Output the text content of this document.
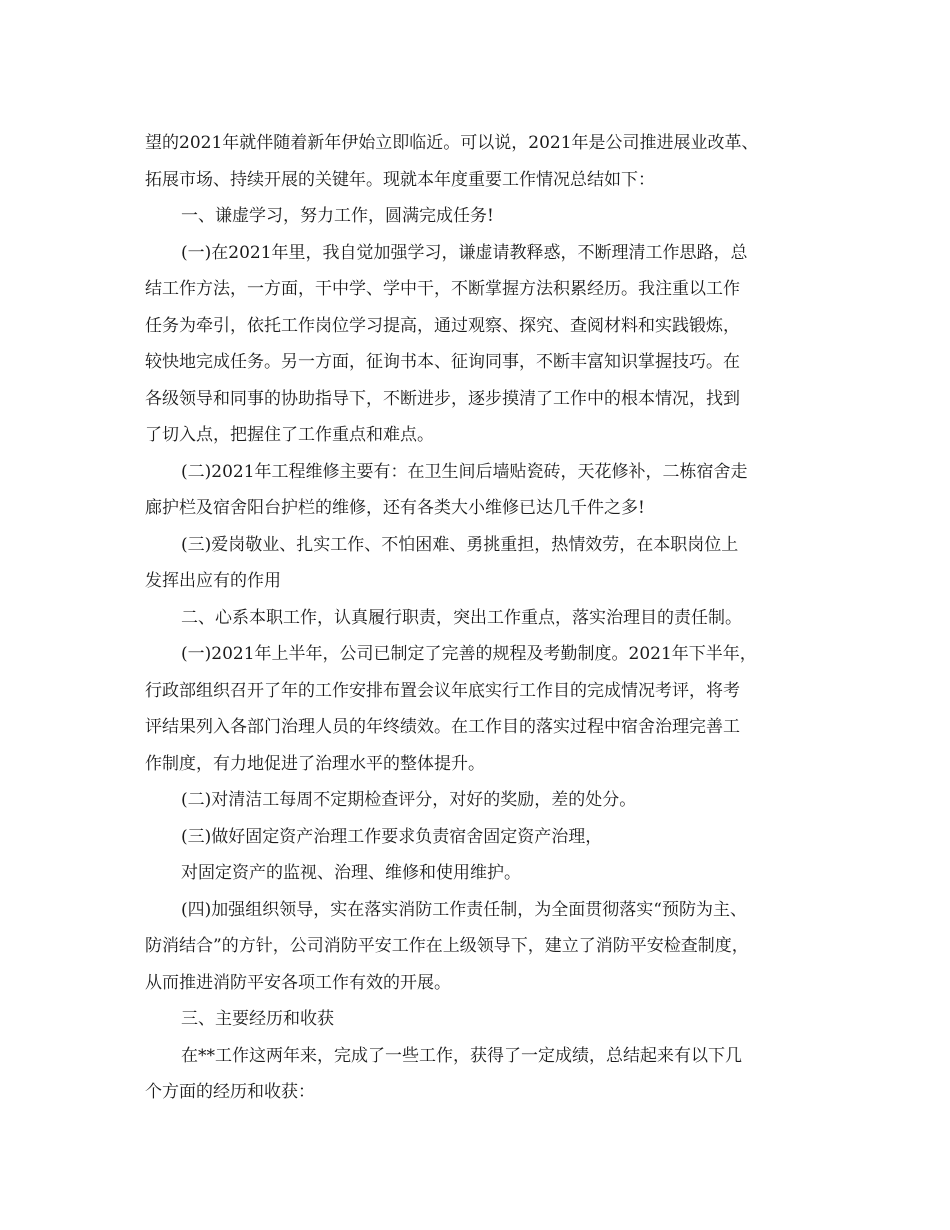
望的2021年就伴随着新年伊始立即临近。可以说，2021年是公司推进展业改革、
拓展市场、持续开展的关键年。现就本年度重要工作情况总结如下：
一、谦虚学习，努力工作，圆满完成任务!
(一)在2021年里，我自觉加强学习，谦虚请教释惑，不断理清工作思路，总
结工作方法，一方面，干中学、学中干，不断掌握方法积累经历。我注重以工作
任务为牵引，依托工作岗位学习提高，通过观察、探究、查阅材料和实践锻炼，
较快地完成任务。另一方面，征询书本、征询同事，不断丰富知识掌握技巧。在
各级领导和同事的协助指导下，不断进步，逐步摸清了工作中的根本情况，找到
了切入点，把握住了工作重点和难点。
(二)2021年工程维修主要有：在卫生间后墙贴瓷砖，天花修补，二栋宿舍走
廊护栏及宿舍阳台护栏的维修，还有各类大小维修已达几千件之多!
(三)爱岗敬业、扎实工作、不怕困难、勇挑重担，热情效劳，在本职岗位上
发挥出应有的作用
二、心系本职工作，认真履行职责，突出工作重点，落实治理目的责任制。
(一)2021年上半年，公司已制定了完善的规程及考勤制度。2021年下半年，
行政部组织召开了年的工作安排布置会议年底实行工作目的完成情况考评，将考
评结果列入各部门治理人员的年终绩效。在工作目的落实过程中宿舍治理完善工
作制度，有力地促进了治理水平的整体提升。
(二)对清洁工每周不定期检查评分，对好的奖励，差的处分。
(三)做好固定资产治理工作要求负责宿舍固定资产治理，
对固定资产的监视、治理、维修和使用维护。
(四)加强组织领导，实在落实消防工作责任制，为全面贯彻落实“预防为主、
防消结合”的方针，公司消防平安工作在上级领导下，建立了消防平安检查制度，
从而推进消防平安各项工作有效的开展。
三、主要经历和收获
在**工作这两年来，完成了一些工作，获得了一定成绩，总结起来有以下几
个方面的经历和收获：
